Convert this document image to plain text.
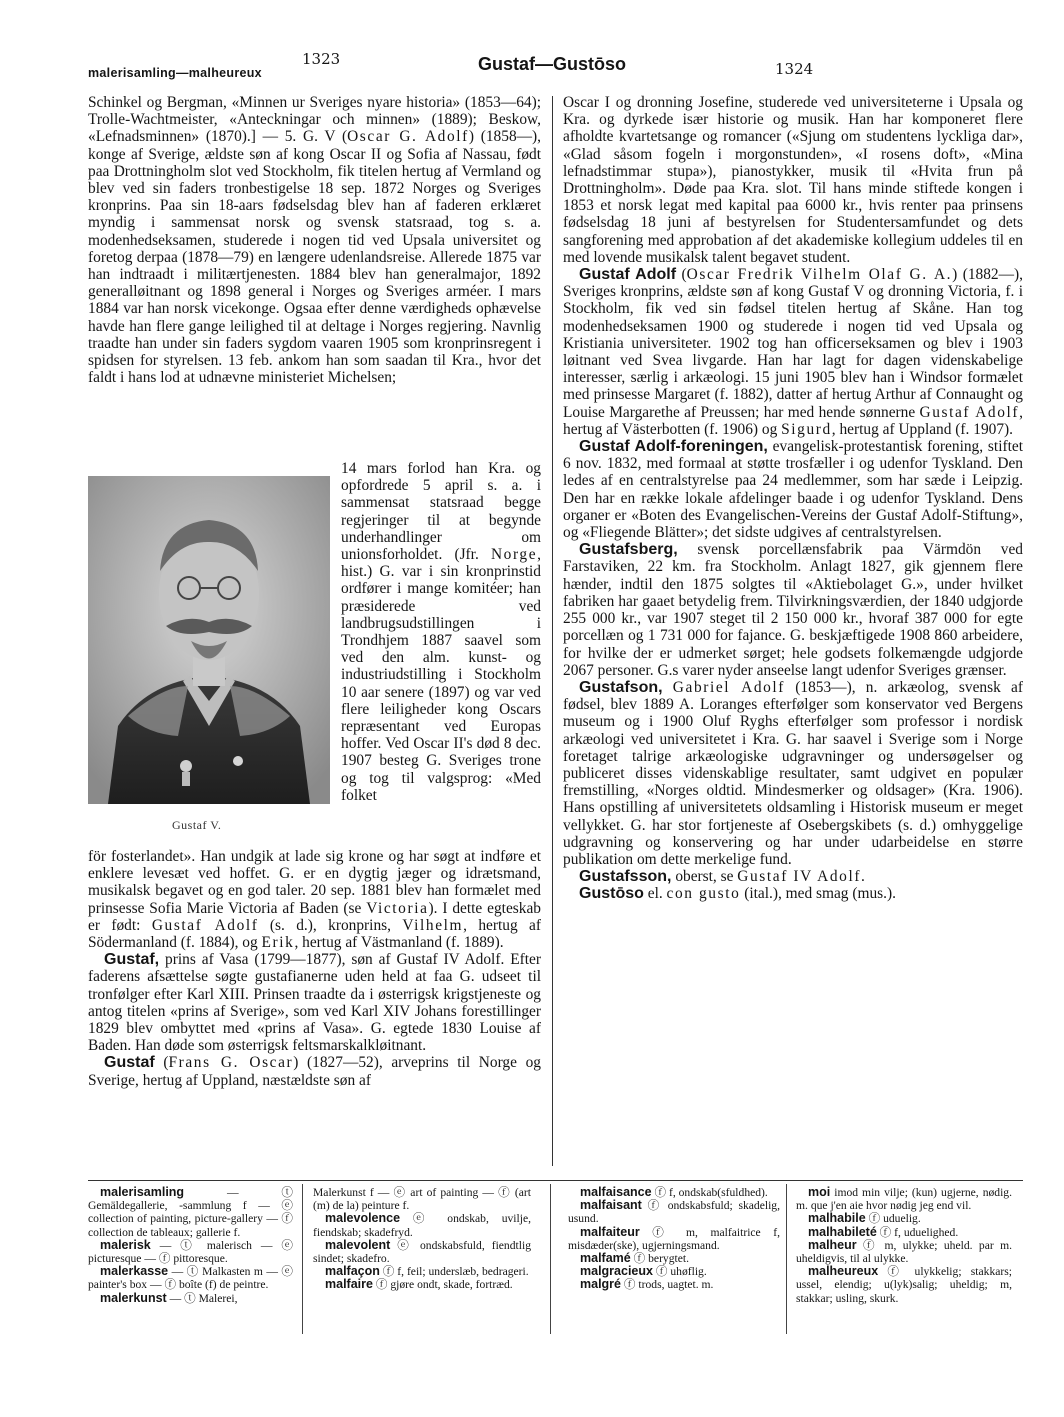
1323
malerisamling—malheureux	Gustaf—Gustōso	1324

Schinkel og Bergman, «Minnen ur Sveriges nyare historia» (1853—64); Trolle-Wachtmeister, «Anteckningar och minnen» (1889); Beskow, «Lefnadsminnen» (1870).] — 5. G. V (Oscar G. Adolf) (1858—), konge af Sverige, ældste søn af kong Oscar II og Sofia af Nassau, født paa Drottningholm slot ved Stockholm, fik titelen hertug af Vermland og blev ved sin faders tronbestigelse 18 sep. 1872 Norges og Sveriges kronprins. Paa sin 18-aars fødselsdag blev han af faderen erklæret myndig i sammensat norsk og svensk statsraad, tog s. a. modenhedseksamen, studerede i nogen tid ved Upsala universitet og foretog derpaa (1878—79) en længere udenlandsreise. Allerede 1875 var han indtraadt i militærtjenesten. 1884 blev han generalmajor, 1892 generalløitnant og 1898 general i Norges og Sveriges arméer. I mars 1884 var han norsk vicekonge. Ogsaa efter denne værdigheds ophævelse havde han flere gange leilighed til at deltage i Norges regjering. Navnlig traadte han under sin faders sygdom vaaren 1905 som kronprinsregent i spidsen for styrelsen. 13 feb. ankom han som saadan til Kra., hvor det faldt i hans lod at udnævne ministeriet Michelsen;

Gustaf V.

14 mars forlod han Kra. og opfordrede 5 april s. a. i sammensat statsraad begge regjeringer til at begynde underhandlinger om unionsforholdet. (Jfr. Norge, hist.) G. var i sin kronprinstid ordfører i mange komitéer; han præsiderede ved landbrugsudstillingen i Trondhjem 1887 saavel som ved den alm. kunst- og industriudstilling i Stockholm 10 aar senere (1897) og var ved flere leiligheder kong Oscars repræsentant ved Europas hoffer. Ved Oscar II's død 8 dec. 1907 besteg G. Sveriges trone og tog til valgsprog: «Med folket

för fosterlandet». Han undgik at lade sig krone og har søgt at indføre et enklere levesæt ved hoffet. G. er en dygtig jæger og idrætsmand, musikalsk begavet og en god taler. 20 sep. 1881 blev han formælet med prinsesse Sofia Marie Victoria af Baden (se Victoria). I dette egteskab er født: Gustaf Adolf (s. d.), kronprins, Vilhelm, hertug af Södermanland (f. 1884), og Erik, hertug af Västmanland (f. 1889).

Gustaf, prins af Vasa (1799—1877), søn af Gustaf IV Adolf. Efter faderens afsættelse søgte gustafianerne uden held at faa G. udseet til tronfølger efter Karl XIII. Prinsen traadte da i østerrigsk krigstjeneste og antog titelen «prins af Sverige», som ved Karl XIV Johans forestillinger 1829 blev ombyttet med «prins af Vasa». G. egtede 1830 Louise af Baden. Han døde som østerrigsk feltsmarskalkløitnant.

Gustaf (Frans G. Oscar) (1827—52), arveprins til Norge og Sverige, hertug af Uppland, næstældste søn af

Oscar I og dronning Josefine, studerede ved universiteterne i Upsala og Kra. og dyrkede især historie og musik. Han har komponeret flere afholdte kvartetsange og romancer («Sjung om studentens lyckliga dar», «Glad såsom fogeln i morgonstunden», «I rosens doft», «Mina lefnadstimmar stupa»), pianostykker, musik til «Hvita frun på Drottningholm». Døde paa Kra. slot. Til hans minde stiftede kongen i 1853 et norsk legat med kapital paa 6000 kr., hvis renter paa prinsens fødselsdag 18 juni af bestyrelsen for Studentersamfundet og dets sangforening med approbation af det akademiske kollegium uddeles til en med lovende musikalsk talent begavet student.

Gustaf Adolf (Oscar Fredrik Vilhelm Olaf G. A.) (1882—), Sveriges kronprins, ældste søn af kong Gustaf V og dronning Victoria, f. i Stockholm, fik ved sin fødsel titelen hertug af Skåne. Han tog modenhedseksamen 1900 og studerede i nogen tid ved Upsala og Kristiania universiteter. 1902 tog han officerseksamen og blev i 1903 løitnant ved Svea livgarde. Han har lagt for dagen videnskabelige interesser, særlig i arkæologi. 15 juni 1905 blev han i Windsor formælet med prinsesse Margaret (f. 1882), datter af hertug Arthur af Connaught og Louise Margarethe af Preussen; har med hende sønnerne Gustaf Adolf, hertug af Västerbotten (f. 1906) og Sigurd, hertug af Uppland (f. 1907).

Gustaf Adolf-foreningen, evangelisk-protestantisk forening, stiftet 6 nov. 1832, med formaal at støtte trosfæller i og udenfor Tyskland. Den ledes af en centralstyrelse paa 24 medlemmer, som har sæde i Leipzig. Den har en række lokale afdelinger baade i og udenfor Tyskland. Dens organer er «Boten des Evangelischen-Vereins der Gustaf Adolf-Stiftung», og «Fliegende Blätter»; det sidste udgives af centralstyrelsen.

Gustafsberg, svensk porcellænsfabrik paa Värmdön ved Farstaviken, 22 km. fra Stockholm. Anlagt 1827, gik gjennem flere hænder, indtil den 1875 solgtes til «Aktiebolaget G.», under hvilket fabriken har gaaet betydelig frem. Tilvirkningsværdien, der 1840 udgjorde 255 000 kr., var 1907 steget til 2 150 000 kr., hvoraf 387 000 for egte porcellæn og 1 731 000 for fajance. G. beskjæftigede 1908 860 arbeidere, for hvilke der er udmerket sørget; hele godsets folkemængde udgjorde 2067 personer. G.s varer nyder anseelse langt udenfor Sveriges grænser.

Gustafson, Gabriel Adolf (1853—), n. arkæolog, svensk af fødsel, blev 1889 A. Loranges efterfølger som konservator ved Bergens museum og i 1900 Oluf Ryghs efterfølger som professor i nordisk arkæologi ved universitetet i Kra. G. har saavel i Sverige som i Norge foretaget talrige arkæologiske udgravninger og undersøgelser og publiceret disses videnskablige resultater, samt udgivet en populær fremstilling, «Norges oldtid. Mindesmerker og oldsager» (Kra. 1906). Hans opstilling af universitetets oldsamling i Historisk museum er meget vellykket. G. har stor fortjeneste af Osebergskibets (s. d.) omhyggelige udgravning og konservering og har under udarbeidelse en større publikation om dette merkelige fund.

Gustafsson, oberst, se Gustaf IV Adolf.

Gustōso el. con gusto (ital.), med smag (mus.).

malerisamling — ⓣ Gemäldegallerie, -sammlung f — ⓔ collection of painting, picture-gallery — ⓕ collection de tableaux; gallerie f.
malerisk — ⓣ malerisch — ⓔ picturesque — ⓕ pittoresque.
malerkasse — ⓣ Malkasten m — ⓔ painter's box — ⓕ boîte (f) de peintre.
malerkunst — ⓣ Malerei,
Malerkunst f — ⓔ art of painting — ⓕ (art (m) de la) peinture f.
malevolence ⓔ ondskab, uvilje, fiendskab; skadefryd.
malevolent ⓔ ondskabsfuld, fiendtlig sindet; skadefro.
malfaçon ⓕ f, feil; underslæb, bedrageri.
malfaire ⓕ gjøre ondt, skade, fortræd.
malfaisance ⓕ f, ondskab(sfuldhed).
malfaisant ⓕ ondskabsfuld; skadelig, usund.
malfaiteur ⓕ m, malfaitrice f, misdæder(ske), ugjerningsmand.
malfamé ⓕ berygtet.
malgracieux ⓕ uhøflig.
malgré ⓕ trods, uagtet. m.
moi imod min vilje; (kun) ugjerne, nødig. m. que j'en aie hvor nødig jeg end vil.
malhabile ⓕ uduelig.
malhabileté ⓕ f, uduelighed.
malheur ⓕ m, ulykke; uheld. par m. uheldigvis, til al ulykke.
malheureux ⓕ ulykkelig; stakkars; ussel, elendig; u(lyk)salig; uheldig; m, stakkar; usling, skurk.
